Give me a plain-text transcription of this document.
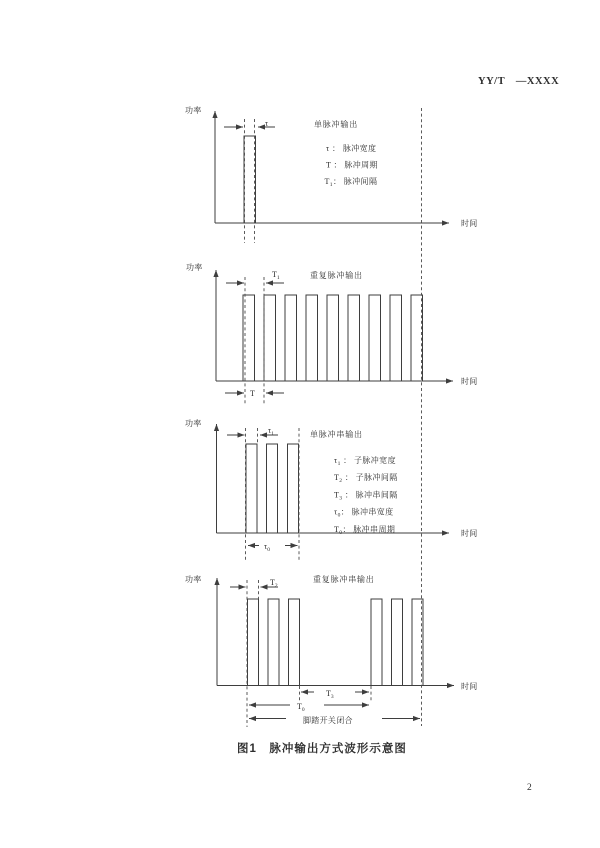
YY/T　—XXXX
2
图1　脉冲输出方式波形示意图
功率
时间
τ	单脉冲输出
τ ： 脉冲宽度
T ： 脉冲周期
$T_1$： 脉冲间隔
功率
时间
$T_1$
T
重复脉冲输出
功率
时间
$\tau_1$
$\tau_0$
单脉冲串输出
$\tau_1$ ： 子脉冲宽度
$T_2$ ： 子脉冲间隔
$T_3$ ： 脉冲串间隔
$\tau_0$： 脉冲串宽度
$T_0$： 脉冲串周期
功率
时间
$T_2$
$T_3$
$T_0$
脚踏开关闭合
重复脉冲串输出
